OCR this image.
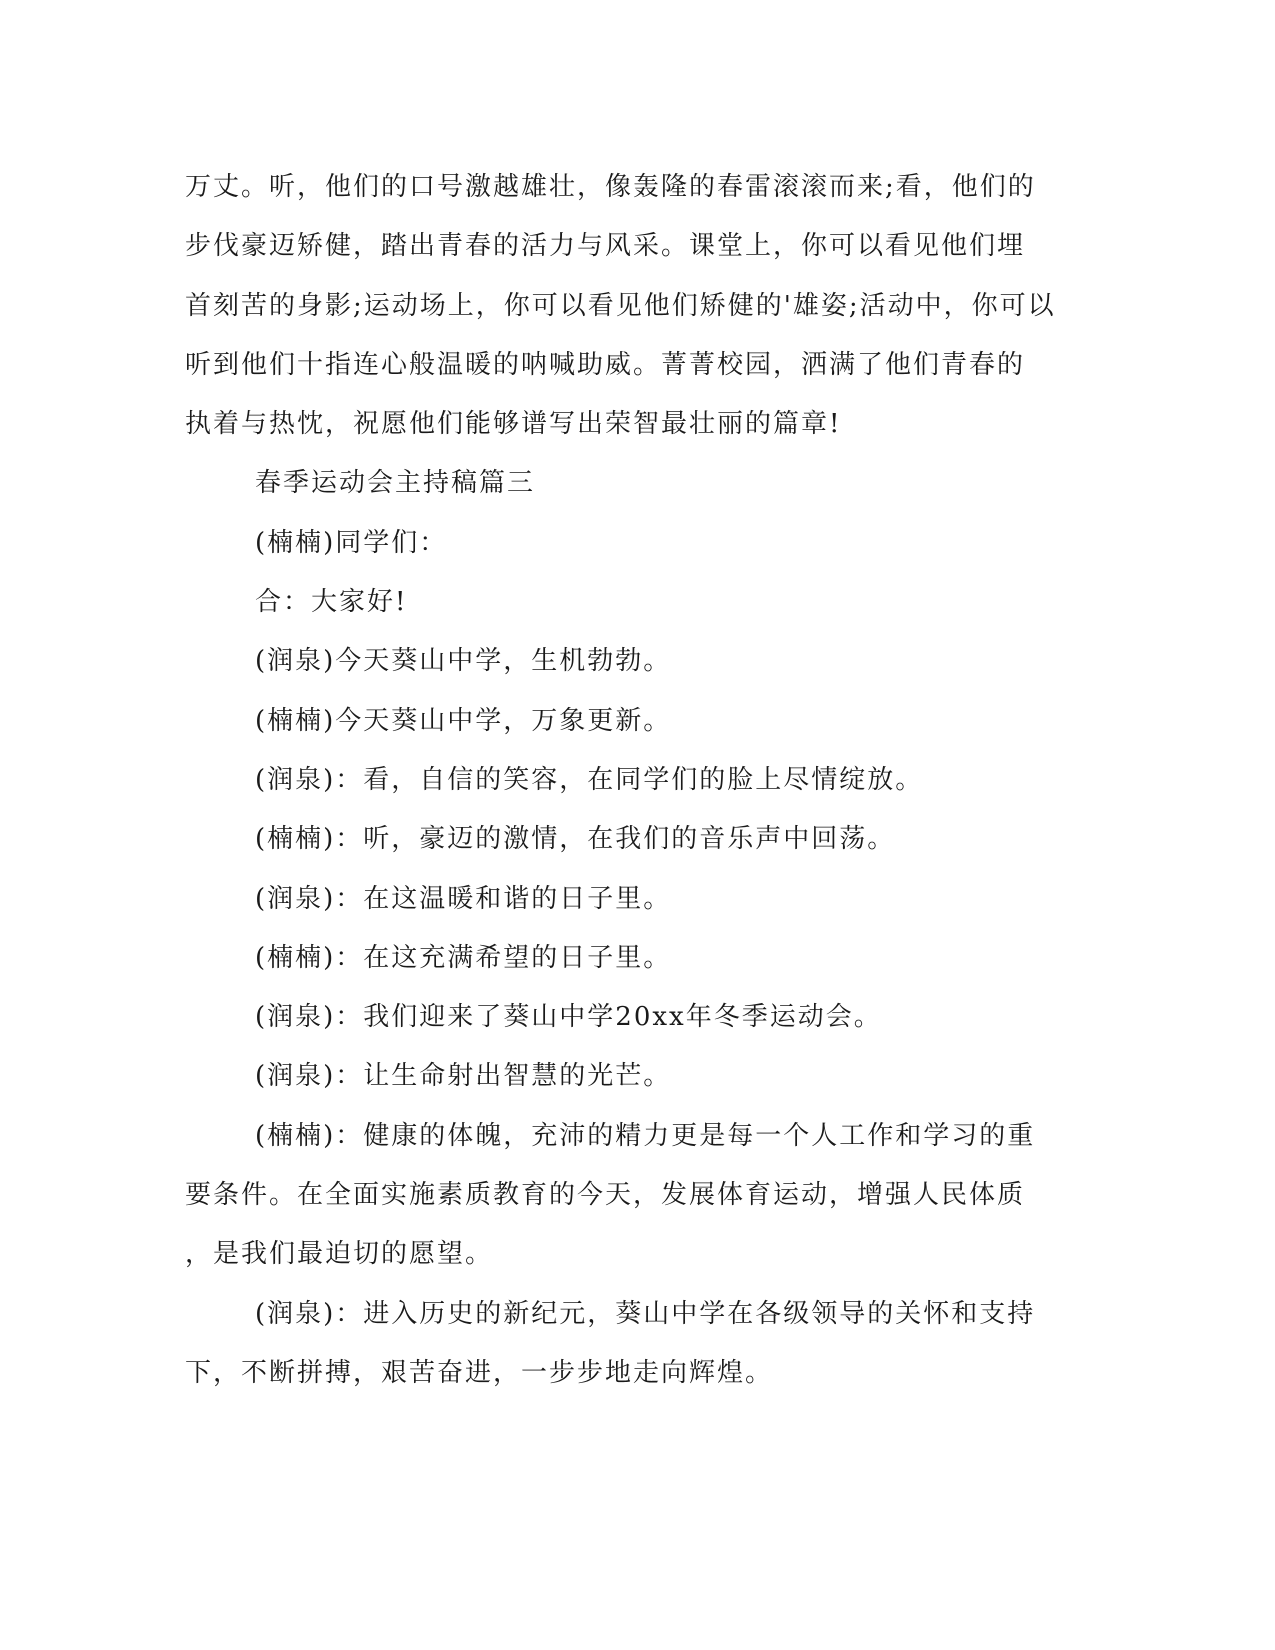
万丈。听，他们的口号激越雄壮，像轰隆的春雷滚滚而来;看，他们的
步伐豪迈矫健，踏出青春的活力与风采。课堂上，你可以看见他们埋
首刻苦的身影;运动场上，你可以看见他们矫健的'雄姿;活动中，你可以
听到他们十指连心般温暖的呐喊助威。菁菁校园，洒满了他们青春的
执着与热忱，祝愿他们能够谱写出荣智最壮丽的篇章!
春季运动会主持稿篇三
(楠楠)同学们：
合：大家好!
(润泉)今天葵山中学，生机勃勃。
(楠楠)今天葵山中学，万象更新。
(润泉)：看，自信的笑容，在同学们的脸上尽情绽放。
(楠楠)：听，豪迈的激情，在我们的音乐声中回荡。
(润泉)：在这温暖和谐的日子里。
(楠楠)：在这充满希望的日子里。
(润泉)：我们迎来了葵山中学20xx年冬季运动会。
(润泉)：让生命射出智慧的光芒。
(楠楠)：健康的体魄，充沛的精力更是每一个人工作和学习的重
要条件。在全面实施素质教育的今天，发展体育运动，增强人民体质
，是我们最迫切的愿望。
(润泉)：进入历史的新纪元，葵山中学在各级领导的关怀和支持
下，不断拼搏，艰苦奋进，一步步地走向辉煌。
